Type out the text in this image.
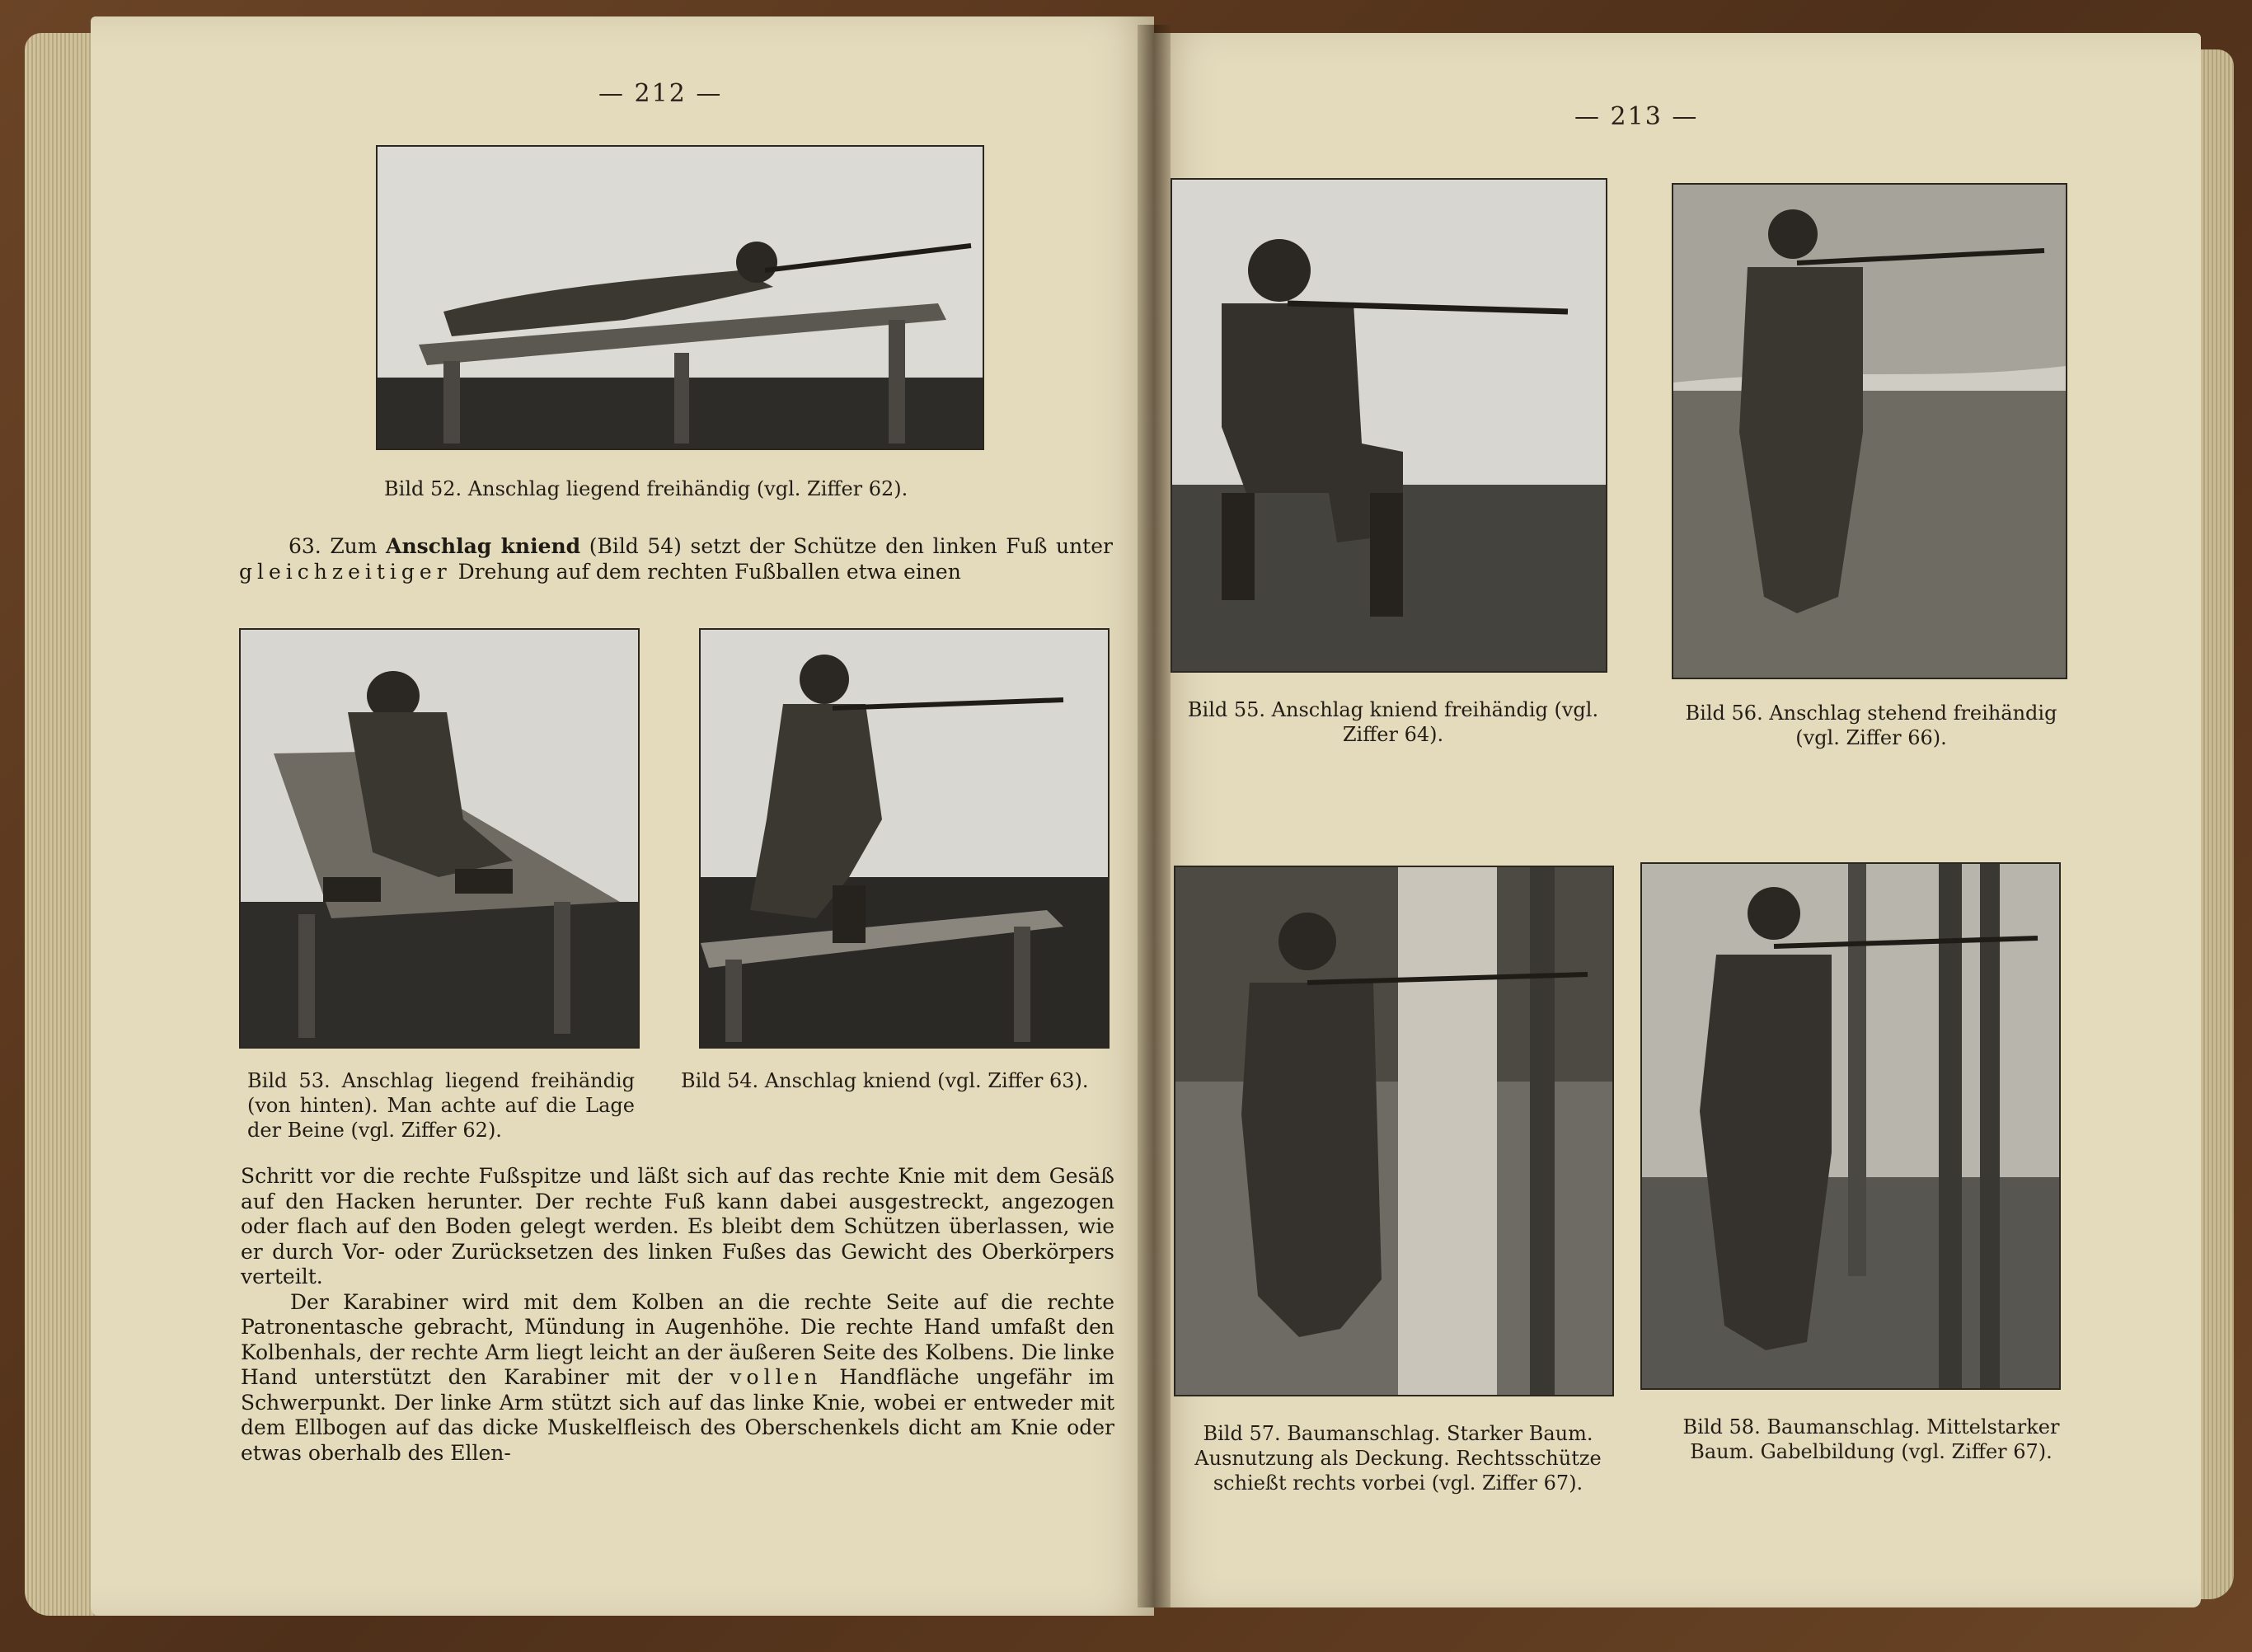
— 212 —
Bild 52. Anschlag liegend freihändig (vgl. Ziffer 62).

63. Zum Anschlag kniend (Bild 54) setzt der Schütze den linken Fuß unter gleichzeitiger Drehung auf dem rechten Fußballen etwa einen

Bild 53. Anschlag liegend freihändig (von hinten). Man achte auf die Lage der Beine (vgl. Ziffer 62).
Bild 54. Anschlag kniend (vgl. Ziffer 63).

Schritt vor die rechte Fußspitze und läßt sich auf das rechte Knie mit dem Gesäß auf den Hacken herunter. Der rechte Fuß kann dabei ausgestreckt, angezogen oder flach auf den Boden gelegt werden. Es bleibt dem Schützen überlassen, wie er durch Vor- oder Zurücksetzen des linken Fußes das Gewicht des Oberkörpers verteilt.

Der Karabiner wird mit dem Kolben an die rechte Seite auf die rechte Patronentasche gebracht, Mündung in Augenhöhe. Die rechte Hand umfaßt den Kolbenhals, der rechte Arm liegt leicht an der äußeren Seite des Kolbens. Die linke Hand unterstützt den Karabiner mit der vollen Handfläche ungefähr im Schwerpunkt. Der linke Arm stützt sich auf das linke Knie, wobei er entweder mit dem Ellbogen auf das dicke Muskelfleisch des Oberschenkels dicht am Knie oder etwas oberhalb des Ellen-

— 213 —
Bild 55. Anschlag kniend freihändig (vgl. Ziffer 64).
Bild 56. Anschlag stehend freihändig (vgl. Ziffer 66).
Bild 57. Baumanschlag. Starker Baum. Ausnutzung als Deckung. Rechtsschütze schießt rechts vorbei (vgl. Ziffer 67).
Bild 58. Baumanschlag. Mittelstarker Baum. Gabelbildung (vgl. Ziffer 67).
